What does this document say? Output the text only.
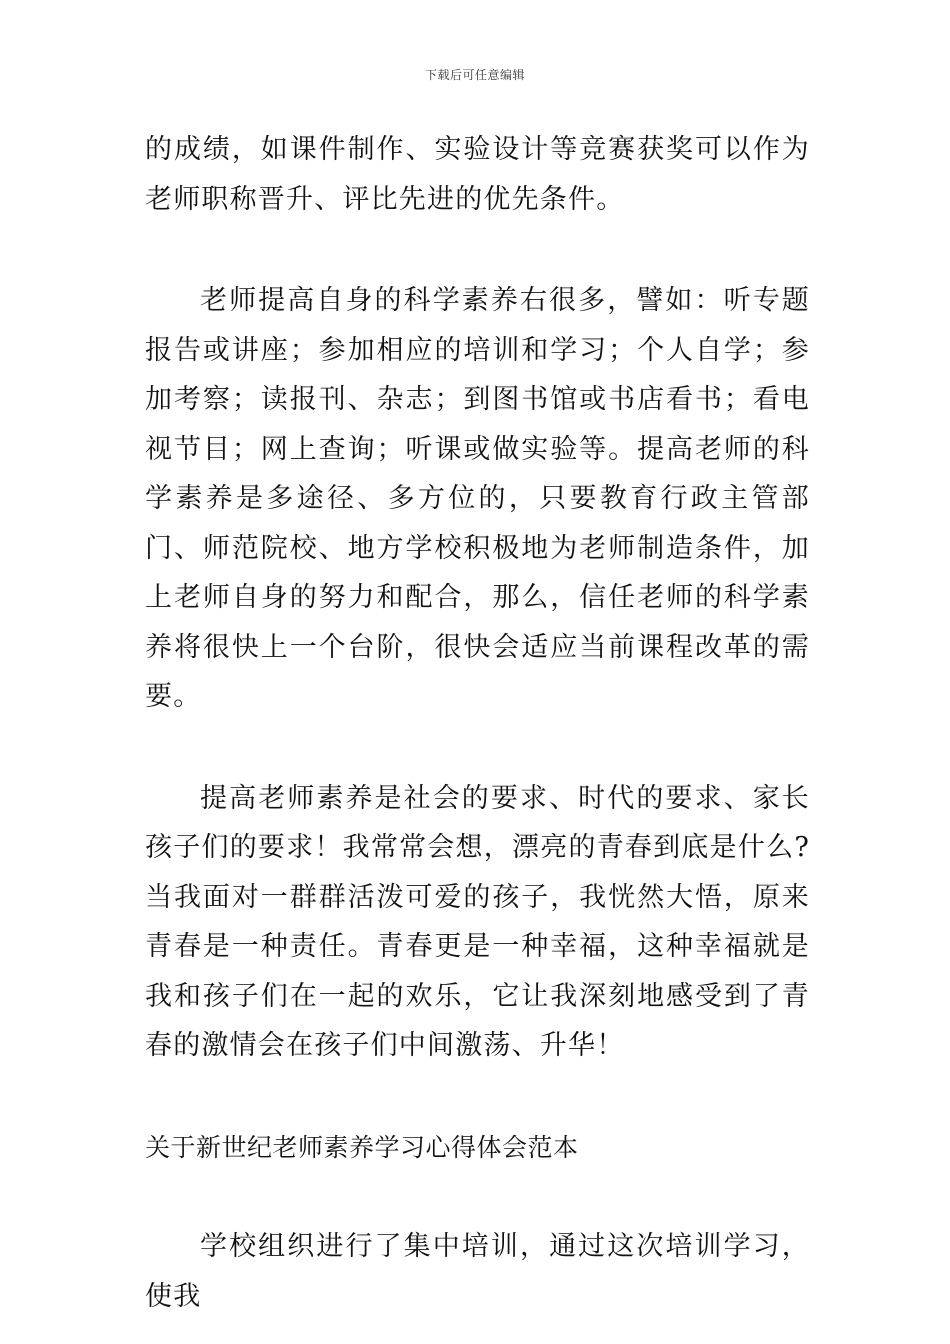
下载后可任意编辑

的成绩，如课件制作、实验设计等竞赛获奖可以作为老师职称晋升、评比先进的优先条件。

老师提高自身的科学素养右很多，譬如：听专题报告或讲座；参加相应的培训和学习；个人自学；参加考察；读报刊、杂志；到图书馆或书店看书；看电视节目；网上查询；听课或做实验等。提高老师的科学素养是多途径、多方位的，只要教育行政主管部门、师范院校、地方学校积极地为老师制造条件，加上老师自身的努力和配合，那么，信任老师的科学素养将很快上一个台阶，很快会适应当前课程改革的需要。

提高老师素养是社会的要求、时代的要求、家长孩子们的要求！我常常会想，漂亮的青春到底是什么?当我面对一群群活泼可爱的孩子，我恍然大悟，原来青春是一种责任。青春更是一种幸福，这种幸福就是我和孩子们在一起的欢乐，它让我深刻地感受到了青春的激情会在孩子们中间激荡、升华！

关于新世纪老师素养学习心得体会范本

学校组织进行了集中培训，通过这次培训学习，使我
